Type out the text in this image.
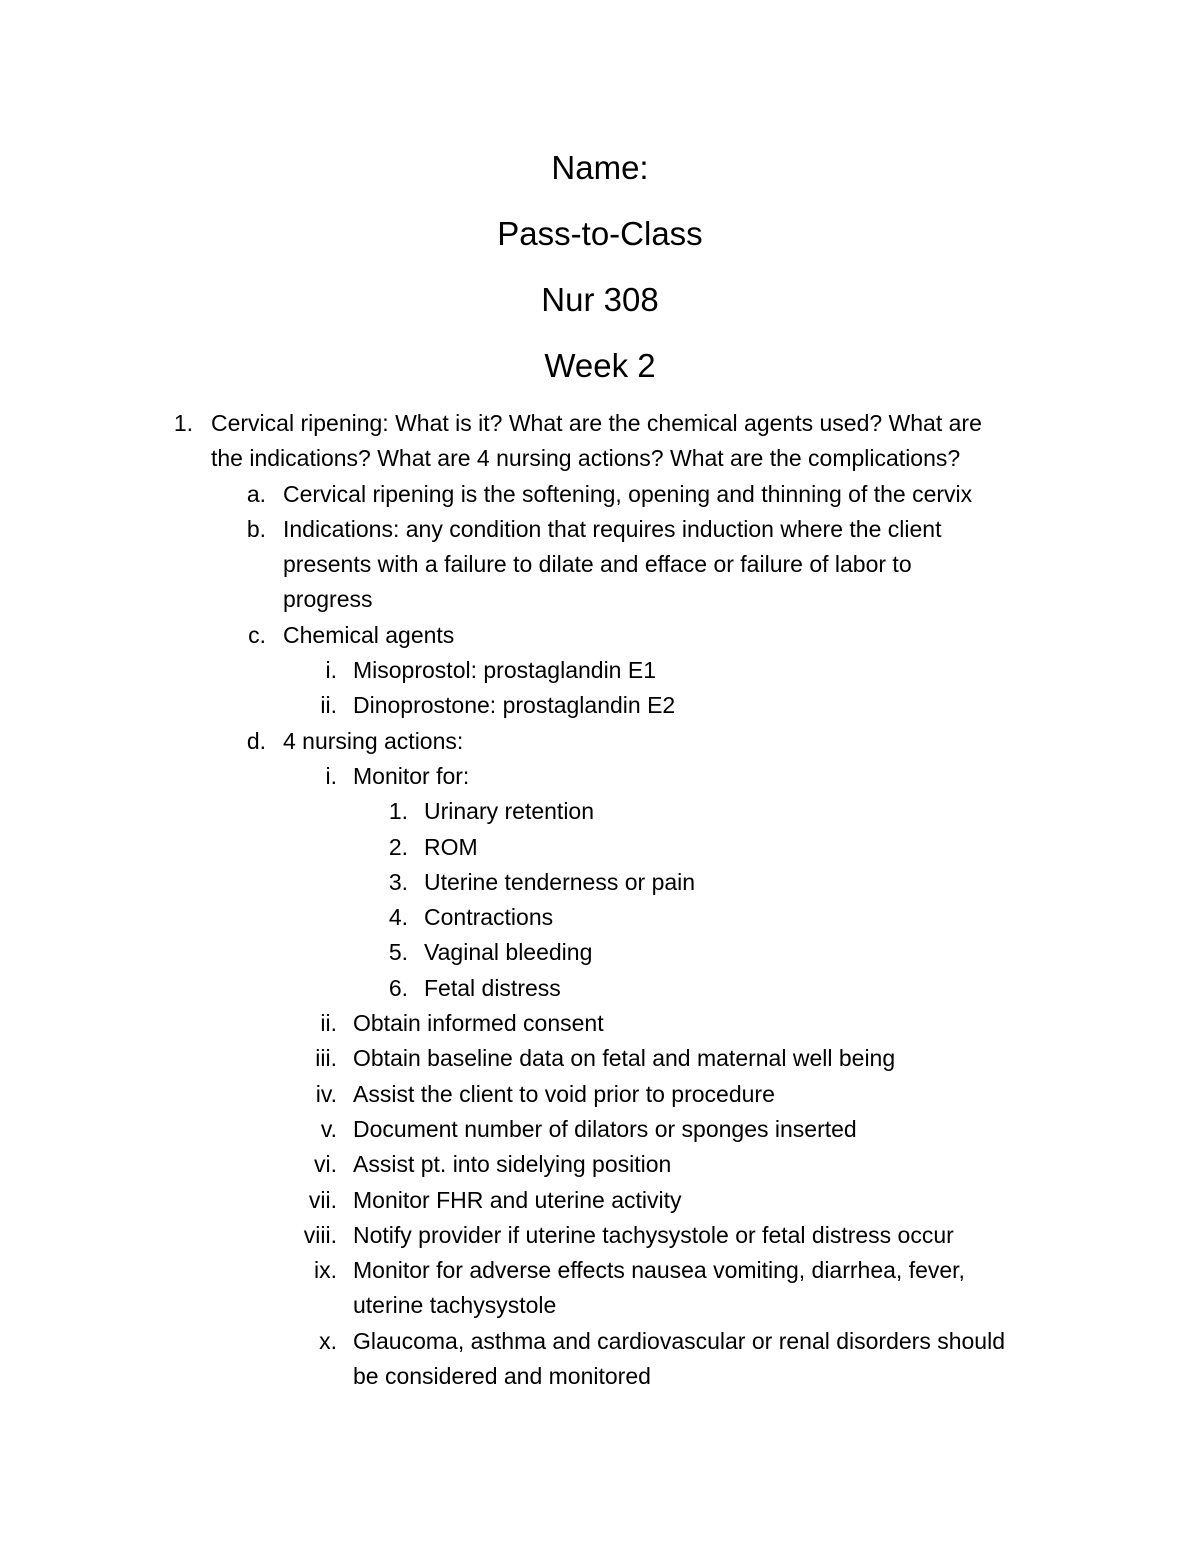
Name:
Pass-to-Class
Nur 308
Week 2
1. Cervical ripening: What is it? What are the chemical agents used? What are
the indications? What are 4 nursing actions? What are the complications?
a. Cervical ripening is the softening, opening and thinning of the cervix
b. Indications: any condition that requires induction where the client
presents with a failure to dilate and efface or failure of labor to
progress
c. Chemical agents
i. Misoprostol: prostaglandin E1
ii. Dinoprostone: prostaglandin E2
d. 4 nursing actions:
i. Monitor for:
1. Urinary retention
2. ROM
3. Uterine tenderness or pain
4. Contractions
5. Vaginal bleeding
6. Fetal distress
ii. Obtain informed consent
iii. Obtain baseline data on fetal and maternal well being
iv. Assist the client to void prior to procedure
v. Document number of dilators or sponges inserted
vi. Assist pt. into sidelying position
vii. Monitor FHR and uterine activity
viii. Notify provider if uterine tachysystole or fetal distress occur
ix. Monitor for adverse effects nausea vomiting, diarrhea, fever,
uterine tachysystole
x. Glaucoma, asthma and cardiovascular or renal disorders should
be considered and monitored
